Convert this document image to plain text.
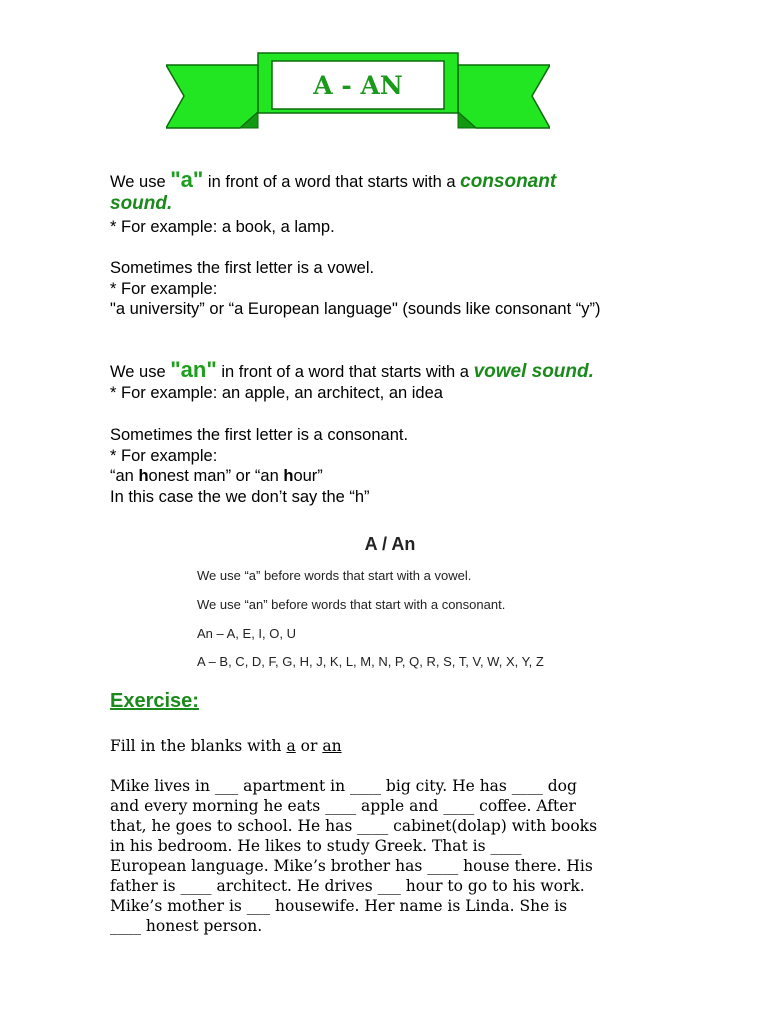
A - AN
We use "a" in front of a word that starts with a consonant
sound.
* For example: a book, a lamp.
Sometimes the first letter is a vowel.
* For example:
"a university” or “a European language" (sounds like consonant “y”)
We use "an" in front of a word that starts with a vowel sound.
* For example: an apple, an architect, an idea
Sometimes the first letter is a consonant.
* For example:
“an honest man” or “an hour”
In this case the we don’t say the “h”
A / An
We use “a” before words that start with a vowel.
We use “an” before words that start with a consonant.
An – A, E, I, O, U
A – B, C, D, F, G, H, J, K, L, M, N, P, Q, R, S, T, V, W, X, Y, Z
Exercise:
Fill in the blanks with a or an
Mike lives in ___ apartment in ____ big city. He has ____ dog
and every morning he eats ____ apple and ____ coffee. After
that, he goes to school. He has ____ cabinet(dolap) with books
in his bedroom. He likes to study Greek. That is ____
European language. Mike’s brother has ____ house there. His
father is ____ architect. He drives ___ hour to go to his work.
Mike’s mother is ___ housewife. Her name is Linda. She is
____ honest person.
